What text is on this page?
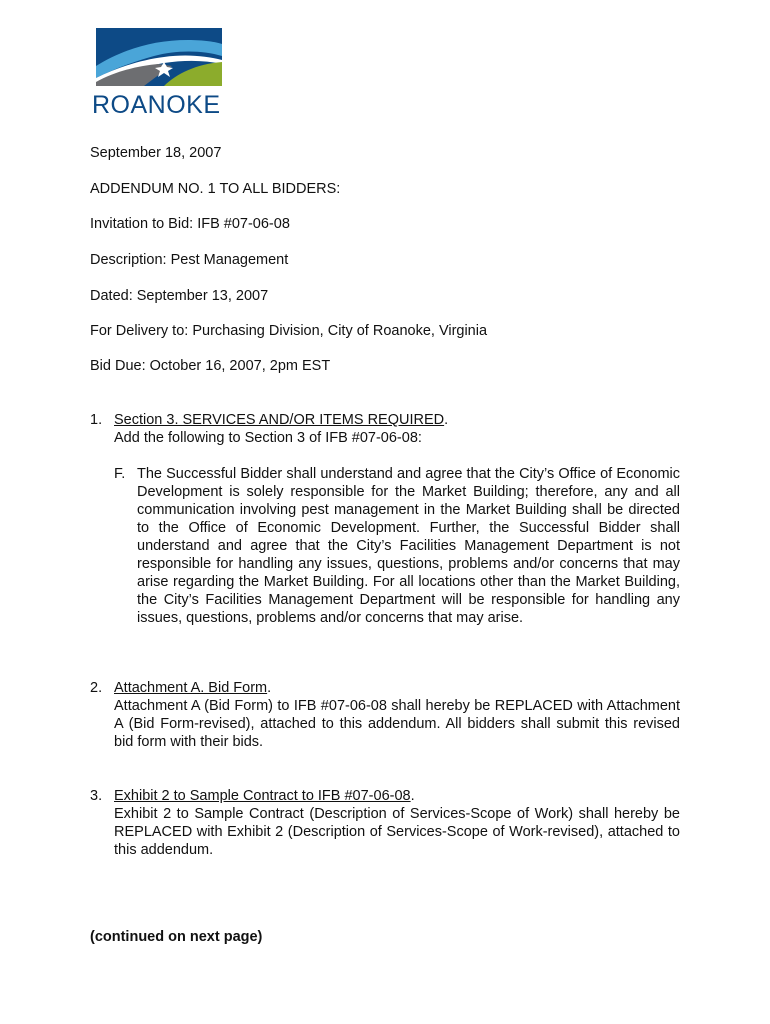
ROANOKE
September 18, 2007
ADDENDUM NO. 1 TO ALL BIDDERS:
Invitation to Bid: IFB #07-06-08
Description: Pest Management
Dated: September 13, 2007
For Delivery to: Purchasing Division, City of Roanoke, Virginia
Bid Due: October 16, 2007, 2pm EST
1. Section 3. SERVICES AND/OR ITEMS REQUIRED.
Add the following to Section 3 of IFB #07-06-08:
F. The Successful Bidder shall understand and agree that the City’s Office of Economic Development is solely responsible for the Market Building; therefore, any and all communication involving pest management in the Market Building shall be directed to the Office of Economic Development. Further, the Successful Bidder shall understand and agree that the City’s Facilities Management Department is not responsible for handling any issues, questions, problems and/or concerns that may arise regarding the Market Building. For all locations other than the Market Building, the City’s Facilities Management Department will be responsible for handling any issues, questions, problems and/or concerns that may arise.
2. Attachment A. Bid Form.
Attachment A (Bid Form) to IFB #07-06-08 shall hereby be REPLACED with Attachment A (Bid Form-revised), attached to this addendum. All bidders shall submit this revised bid form with their bids.
3. Exhibit 2 to Sample Contract to IFB #07-06-08.
Exhibit 2 to Sample Contract (Description of Services-Scope of Work) shall hereby be REPLACED with Exhibit 2 (Description of Services-Scope of Work-revised), attached to this addendum.
(continued on next page)
